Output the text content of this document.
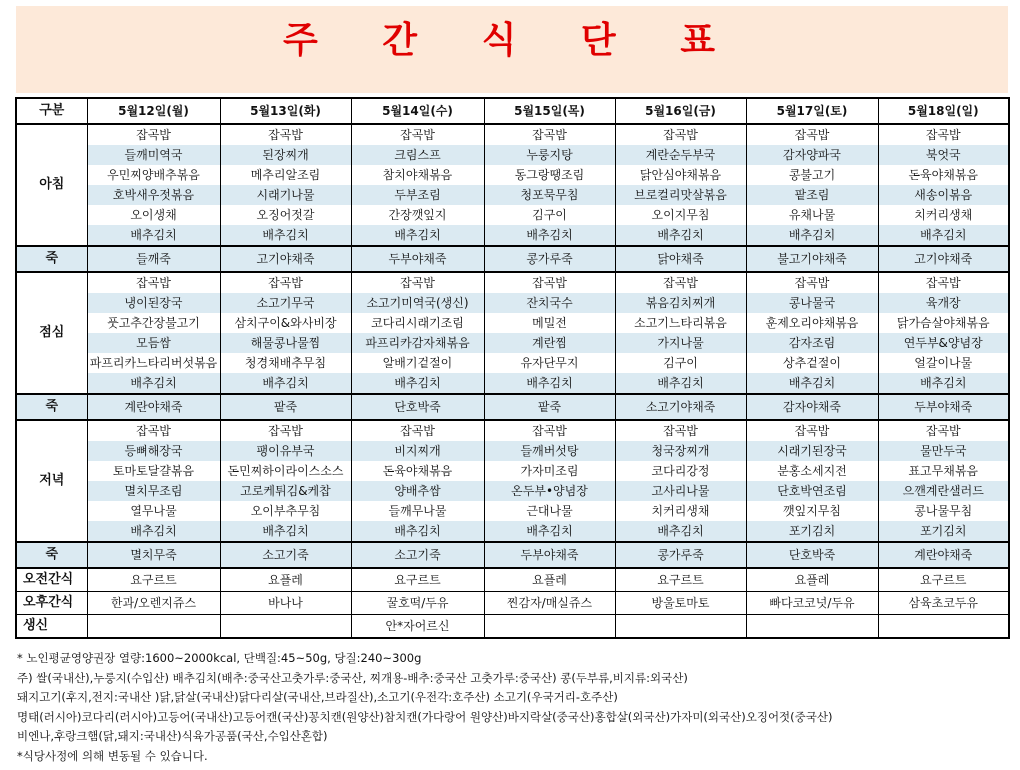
주 간 식 단 표
구분	5월12일(월)	5월13일(화)	5월14일(수)	5월15일(목)	5월16일(금)	5월17일(토)	5월18일(일)
아침	잡곡밥	잡곡밥	잡곡밥	잡곡밥	잡곡밥	잡곡밥	잡곡밥
	들깨미역국	된장찌개	크림스프	누룽지탕	계란순두부국	감자양파국	북엇국
	우민찌양배추볶음	메추리알조림	참치야채볶음	동그랑땡조림	닭안심야채볶음	콩불고기	돈육야채볶음
	호박새우젓볶음	시래기나물	두부조림	청포묵무침	브로컬리맛살볶음	팥조림	새송이볶음
	오이생채	오징어젓갈	간장깻잎지	김구이	오이지무침	유채나물	치커리생채
	배추김치	배추김치	배추김치	배추김치	배추김치	배추김치	배추김치
죽	들깨죽	고기야채죽	두부야채죽	콩가루죽	닭야채죽	불고기야채죽	고기야채죽
점심	잡곡밥	잡곡밥	잡곡밥	잡곡밥	잡곡밥	잡곡밥	잡곡밥
	냉이된장국	소고기무국	소고기미역국(생신)	잔치국수	볶음김치찌개	콩나물국	육개장
	풋고추간장불고기	삼치구이&와사비장	코다리시래기조림	메밀전	소고기느타리볶음	훈제오리야채볶음	닭가슴살야채볶음
	모듬쌈	해물콩나물찜	파프리카감자채볶음	계란찜	가지나물	감자조림	연두부&양념장
	파프리카느타리버섯볶음	청경채배추무침	알배기겉절이	유자단무지	김구이	상추겉절이	얼갈이나물
	배추김치	배추김치	배추김치	배추김치	배추김치	배추김치	배추김치
죽	계란야채죽	팥죽	단호박죽	팥죽	소고기야채죽	감자야채죽	두부야채죽
저녁	잡곡밥	잡곡밥	잡곡밥	잡곡밥	잡곡밥	잡곡밥	잡곡밥
	등뼈해장국	팽이유부국	비지찌개	들깨버섯탕	청국장찌개	시래기된장국	물만두국
	토마토달걀볶음	돈민찌하이라이스소스	돈육야채볶음	가자미조림	코다리강정	분홍소세지전	표고무채볶음
	멸치무조림	고로케튀김&케찹	양배추쌈	온두부•양념장	고사리나물	단호박연조림	으깬계란샐러드
	열무나물	오이부추무침	들깨무나물	근대나물	치커리생채	깻잎지무침	콩나물무침
	배추김치	배추김치	배추김치	배추김치	배추김치	포기김치	포기김치
죽	멸치무죽	소고기죽	소고기죽	두부야채죽	콩가루죽	단호박죽	계란야채죽
오전간식	요구르트	요플레	요구르트	요플레	요구르트	요플레	요구르트
오후간식	한과/오렌지쥬스	바나나	꿀호떡/두유	찐감자/매실쥬스	방울토마토	빠다코코넛/두유	삼육초코두유
생신			안*자어르신				
* 노인평균영양권장 열량:1600~2000kcal, 단백질:45~50g, 당질:240~300g
주) 쌀(국내산),누룽지(수입산) 배추김치(배추:중국산고춧가루:중국산, 찌개용-배추:중국산 고춧가루:중국산) 콩(두부류,비지류:외국산)
돼지고기(후지,전지:국내산 )닭,닭살(국내산)닭다리살(국내산,브라질산),소고기(우전각:호주산) 소고기(우국거리-호주산)
명태(러시아)코다리(러시아)고등어(국내산)고등어캔(국산)꽁치캔(원양산)참치캔(가다랑어 원양산)바지락살(중국산)홍합살(외국산)가자미(외국산)오징어젓(중국산)
비엔나,후랑크햄(닭,돼지:국내산)식육가공품(국산,수입산혼합)
*식당사정에 의해 변동될 수 있습니다.
